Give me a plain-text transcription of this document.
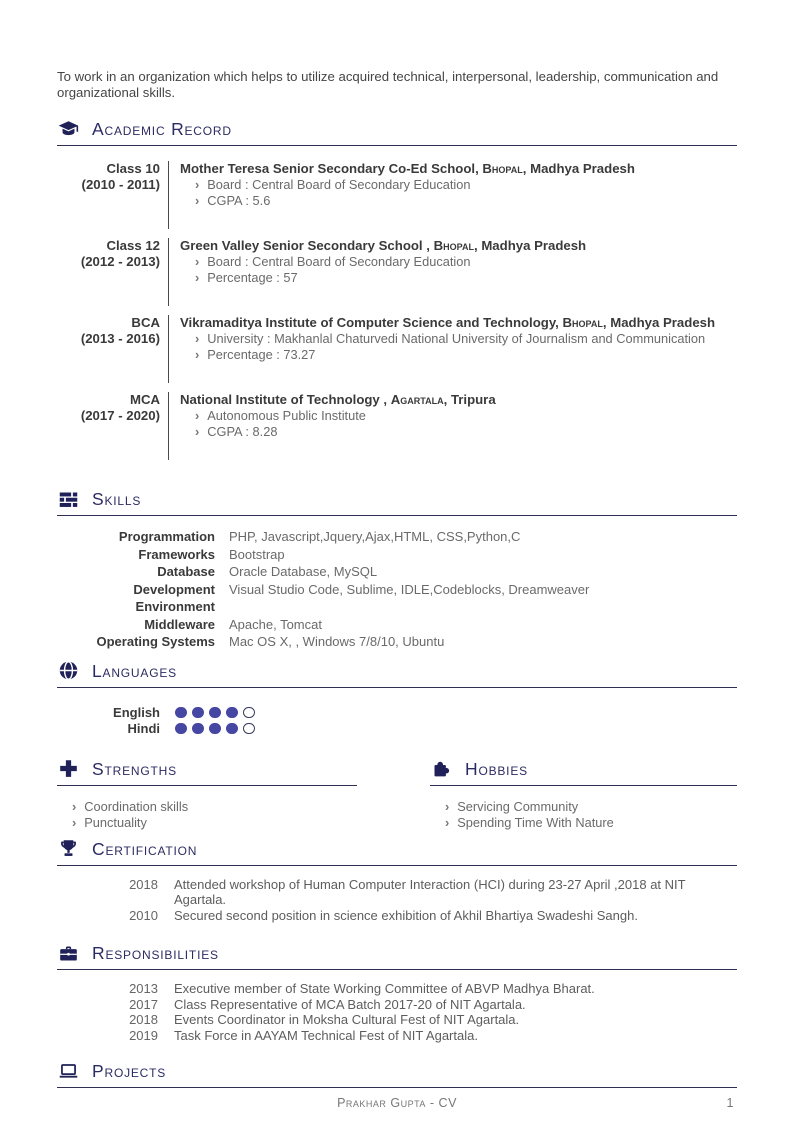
To work in an organization which helps to utilize acquired technical, interpersonal, leadership, communication and organizational skills.

Academic Record
Class 10
(2010 - 2011)
Mother Teresa Senior Secondary Co-Ed School, Bhopal, Madhya Pradesh
› Board : Central Board of Secondary Education
› CGPA : 5.6
Class 12
(2012 - 2013)
Green Valley Senior Secondary School , Bhopal, Madhya Pradesh
› Board : Central Board of Secondary Education
› Percentage : 57
BCA
(2013 - 2016)
Vikramaditya Institute of Computer Science and Technology, Bhopal, Madhya Pradesh
› University : Makhanlal Chaturvedi National University of Journalism and Communication
› Percentage : 73.27
MCA
(2017 - 2020)
National Institute of Technology , Agartala, Tripura
› Autonomous Public Institute
› CGPA : 8.28
Skills
Programmation PHP, Javascript,Jquery,Ajax,HTML, CSS,Python,C
Frameworks Bootstrap
Database Oracle Database, MySQL
Development Environment
Visual Studio Code, Sublime, IDLE,Codeblocks, Dreamweaver
Middleware Apache, Tomcat
Operating Systems Mac OS X, , Windows 7/8/10, Ubuntu
Languages
English
Hindi
Strengths
› Coordination skills
› Punctuality
Hobbies
› Servicing Community
› Spending Time With Nature
Certification
2018 Attended workshop of Human Computer Interaction (HCI) during 23-27 April ,2018 at NIT Agartala.
2010 Secured second position in science exhibition of Akhil Bhartiya Swadeshi Sangh.
Responsibilities
2013 Executive member of State Working Committee of ABVP Madhya Bharat.
2017 Class Representative of MCA Batch 2017-20 of NIT Agartala.
2018 Events Coordinator in Moksha Cultural Fest of NIT Agartala.
2019 Task Force in AAYAM Technical Fest of NIT Agartala.
Projects
Prakhar Gupta - CV	1
